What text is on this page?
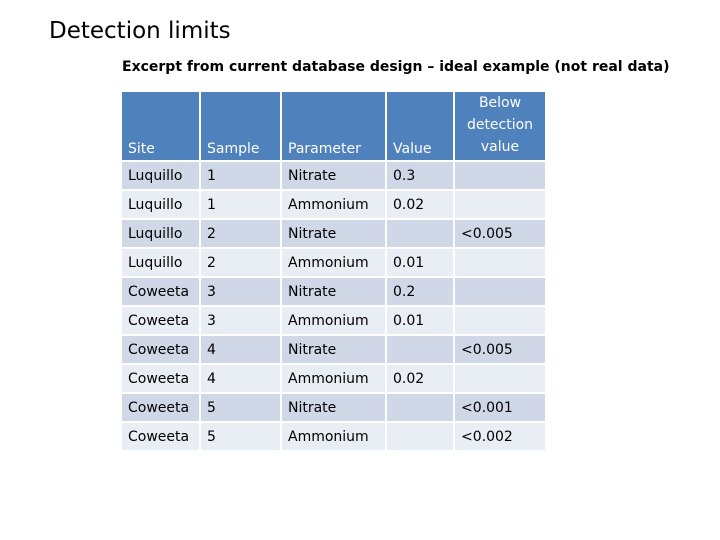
Detection limits
Excerpt from current database design – ideal example (not real data)
Site	Sample	Parameter	Value	Below detection value
Luquillo	1	Nitrate	0.3	
Luquillo	1	Ammonium	0.02	
Luquillo	2	Nitrate		<0.005
Luquillo	2	Ammonium	0.01	
Coweeta	3	Nitrate	0.2	
Coweeta	3	Ammonium	0.01	
Coweeta	4	Nitrate		<0.005
Coweeta	4	Ammonium	0.02	
Coweeta	5	Nitrate		<0.001
Coweeta	5	Ammonium		<0.002
